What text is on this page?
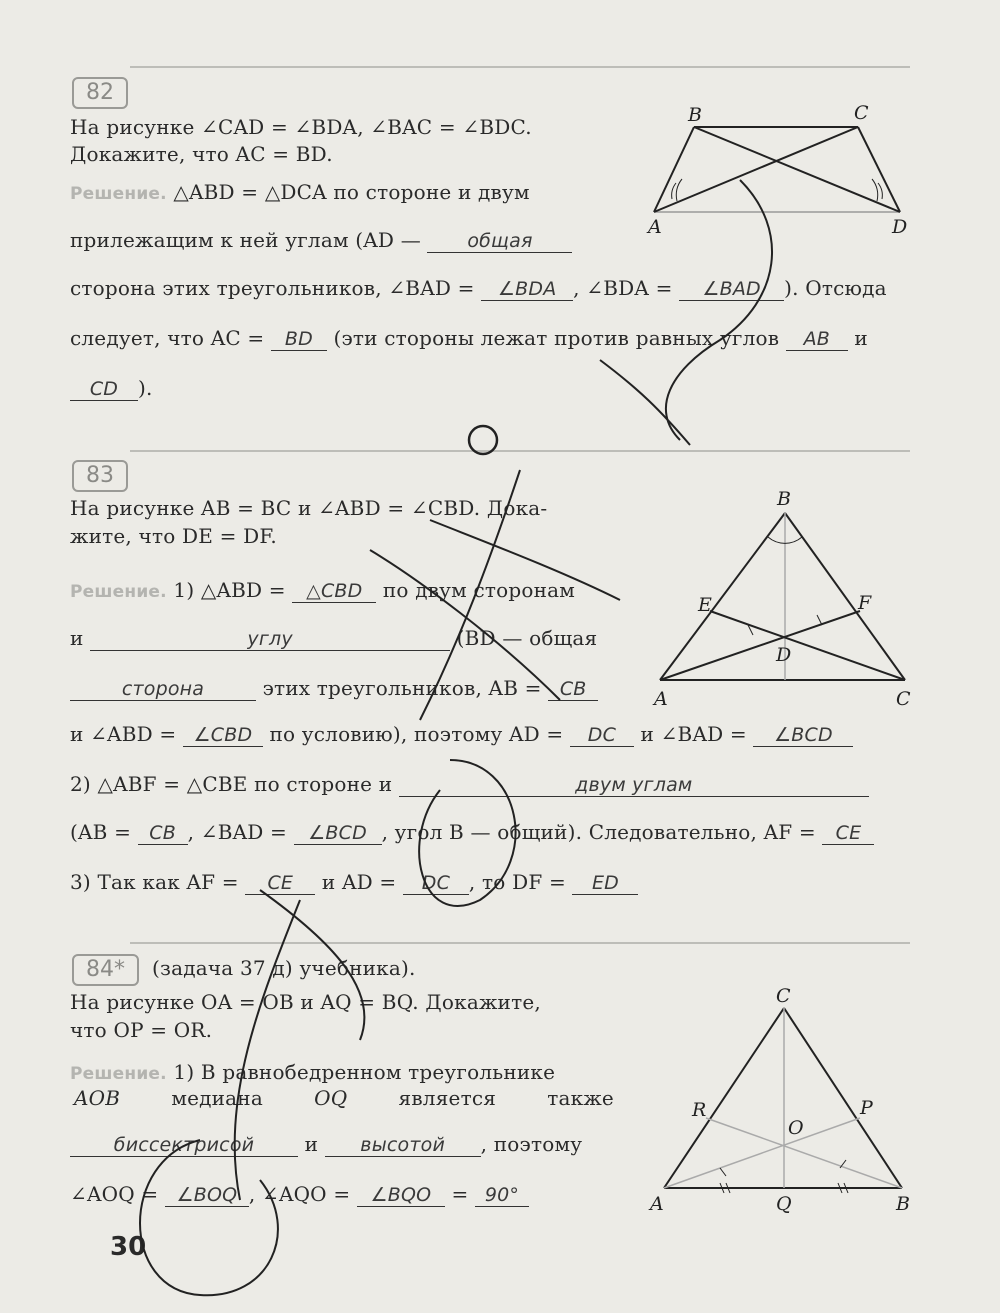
82
На рисунке ∠CAD = ∠BDA, ∠BAC = ∠BDC.
Докажите, что AC = BD.
Решение. △ABD = △DCA по стороне и двум
прилежащим к ней углам (AD — общая
сторона этих треугольников, ∠BAD = ∠BDA , ∠BDA = ∠BAD ). Отсюда
следует, что AC = BD (эти стороны лежат против равных углов AB и
CD ).
B	C
A	D
83
На рисунке AB = BC и ∠ABD = ∠CBD. Дока-
жите, что DE = DF.
Решение. 1) △ABD = △CBD по двум сторонам
и	углу	(BD — общая
сторона	этих треугольников, AB = CB
и ∠ABD = ∠CBD по условию), поэтому AD = DC и ∠BAD = ∠BCD
2) △ABF = △CBE по стороне и	двум углам
(AB = CB , ∠BAD = ∠BCD , угол B — общий). Следовательно, AF = CE
3) Так как AF = CE и AD = DC , то DF = ED
B
E	F
D
A	C
84*	(задача 37 д) учебника).
На рисунке OA = OB и AQ = BQ. Докажите,
что OP = OR.
Решение. 1) В равнобедренном треугольнике
AOB	медиана	OQ	является	также
биссектрисой	и высотой , поэтому
∠AOQ = ∠BOQ , ∠AQO = ∠BQO = 90°
C
R	P
O
A	Q	B
30
